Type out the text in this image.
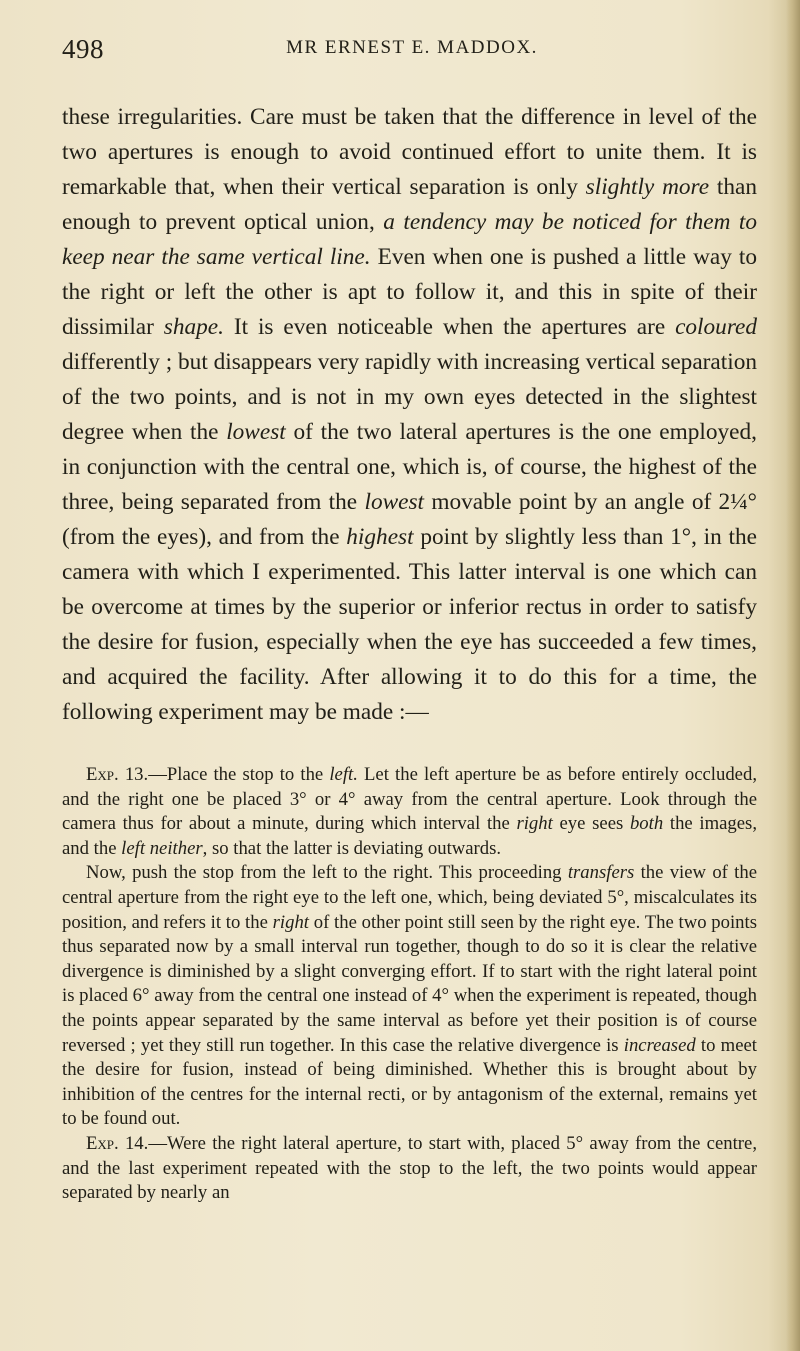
498	MR ERNEST E. MADDOX.

these irregularities. Care must be taken that the difference in level of the two apertures is enough to avoid continued effort to unite them. It is remarkable that, when their vertical separation is only slightly more than enough to prevent optical union, a tendency may be noticed for them to keep near the same vertical line. Even when one is pushed a little way to the right or left the other is apt to follow it, and this in spite of their dissimilar shape. It is even noticeable when the apertures are coloured differently ; but disappears very rapidly with increasing vertical separation of the two points, and is not in my own eyes detected in the slightest degree when the lowest of the two lateral apertures is the one employed, in conjunction with the central one, which is, of course, the highest of the three, being separated from the lowest movable point by an angle of 2¼° (from the eyes), and from the highest point by slightly less than 1°, in the camera with which I experimented. This latter interval is one which can be overcome at times by the superior or inferior rectus in order to satisfy the desire for fusion, especially when the eye has succeeded a few times, and acquired the facility. After allowing it to do this for a time, the following experiment may be made :—

Exp. 13.—Place the stop to the left. Let the left aperture be as before entirely occluded, and the right one be placed 3° or 4° away from the central aperture. Look through the camera thus for about a minute, during which interval the right eye sees both the images, and the left neither, so that the latter is deviating outwards.

Now, push the stop from the left to the right. This proceeding transfers the view of the central aperture from the right eye to the left one, which, being deviated 5°, miscalculates its position, and refers it to the right of the other point still seen by the right eye. The two points thus separated now by a small interval run together, though to do so it is clear the relative divergence is diminished by a slight converging effort. If to start with the right lateral point is placed 6° away from the central one instead of 4° when the experiment is repeated, though the points appear separated by the same interval as before yet their position is of course reversed ; yet they still run together. In this case the relative divergence is increased to meet the desire for fusion, instead of being diminished. Whether this is brought about by inhibition of the centres for the internal recti, or by antagonism of the external, remains yet to be found out.

Exp. 14.—Were the right lateral aperture, to start with, placed 5° away from the centre, and the last experiment repeated with the stop to the left, the two points would appear separated by nearly an
